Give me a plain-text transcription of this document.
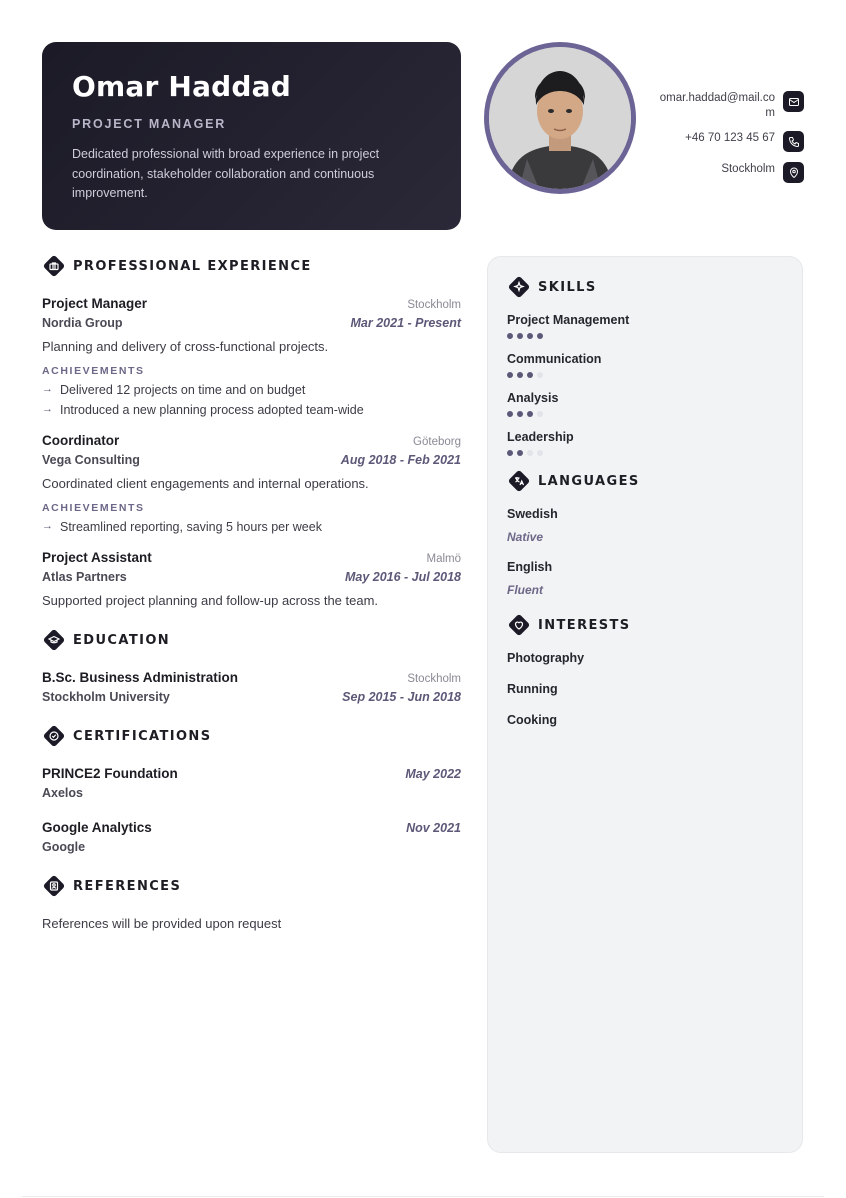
Omar Haddad
PROJECT MANAGER
Dedicated professional with broad experience in project coordination, stakeholder collaboration and continuous improvement.
omar.haddad@mail.com
+46 70 123 45 67
Stockholm
PROFESSIONAL EXPERIENCE
Project Manager	Stockholm
Nordia Group	Mar 2021 - Present
Planning and delivery of cross-functional projects.
ACHIEVEMENTS
→ Delivered 12 projects on time and on budget
→ Introduced a new planning process adopted team-wide
Coordinator	Göteborg
Vega Consulting	Aug 2018 - Feb 2021
Coordinated client engagements and internal operations.
ACHIEVEMENTS
→ Streamlined reporting, saving 5 hours per week
Project Assistant	Malmö
Atlas Partners	May 2016 - Jul 2018
Supported project planning and follow-up across the team.
EDUCATION
B.Sc. Business Administration	Stockholm
Stockholm University	Sep 2015 - Jun 2018
CERTIFICATIONS
PRINCE2 Foundation	May 2022
Axelos
Google Analytics	Nov 2021
Google
REFERENCES
References will be provided upon request
SKILLS
Project Management
Communication
Analysis
Leadership
LANGUAGES
Swedish
Native
English
Fluent
INTERESTS
Photography
Running
Cooking
